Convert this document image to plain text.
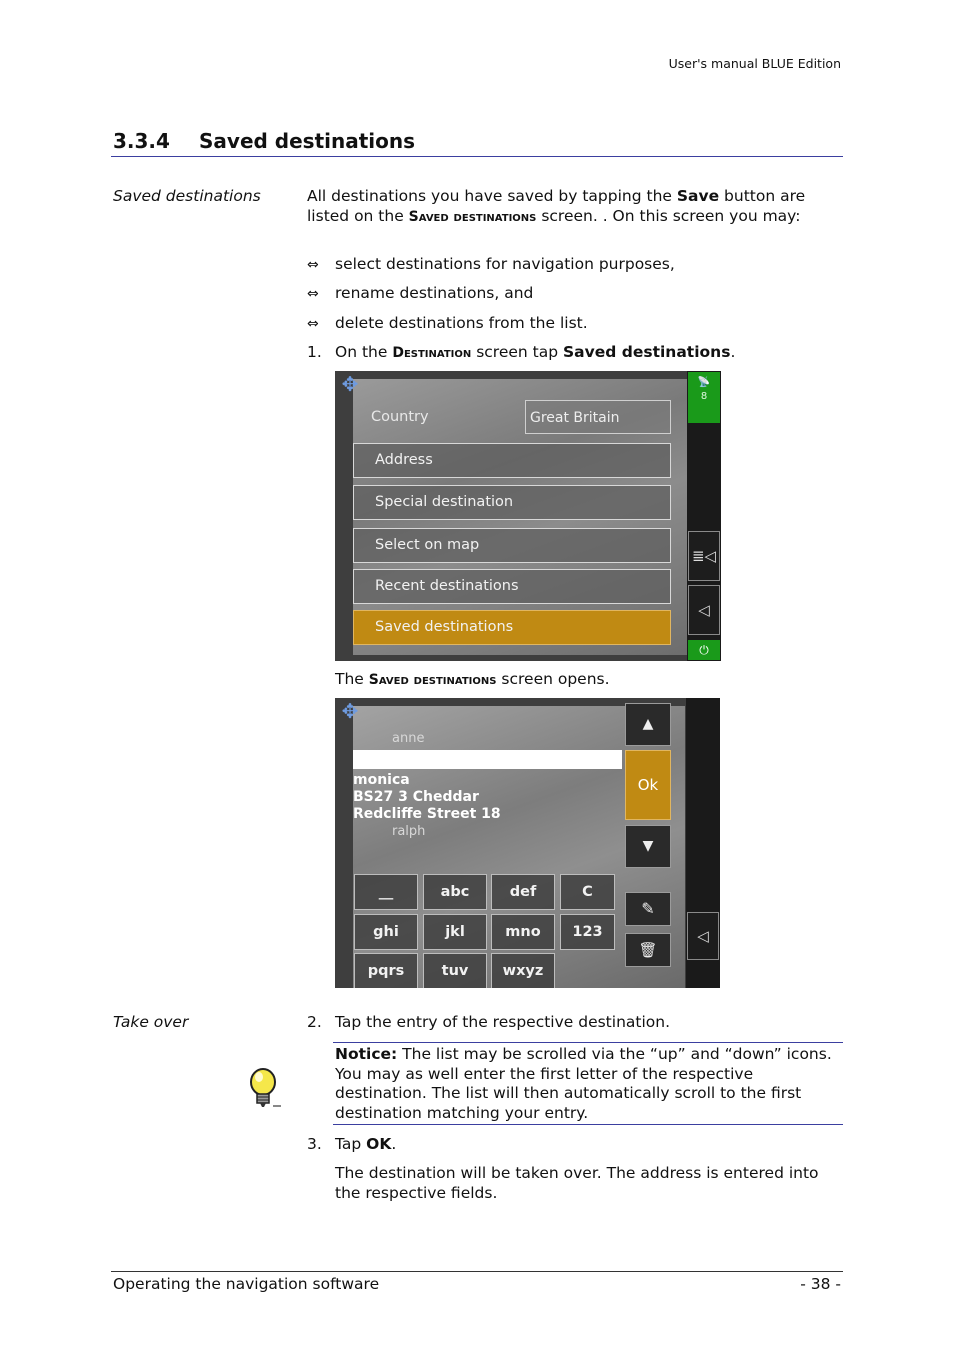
User's manual BLUE Edition
3.3.4 Saved destinations
Saved destinations	All destinations you have saved by tapping the Save button are listed on the Saved destinations screen. . On this screen you may:
⇔ select destinations for navigation purposes,
⇔ rename destinations, and
⇔ delete destinations from the list.
1. On the Destination screen tap Saved destinations.
✥	📡
8
Country	Great Britain
Address
Special destination
Select on map
Recent destinations
Saved destinations
≣◁
◁
⏻
The Saved destinations screen opens.
✥
anne
monica
BS27 3 Cheddar
Redcliffe Street 18
ralph
▲
Ok
▼
✎
🗑
◁
__	abc	def	C
ghi	jkl	mno	123
pqrs	tuv	wxyz
Take over	2. Tap the entry of the respective destination.
Notice: The list may be scrolled via the “up” and “down” icons. You may as well enter the first letter of the respective destination. The list will then automatically scroll to the first destination matching your entry.
3. Tap OK.
The destination will be taken over. The address is entered into the respective fields.
Operating the navigation software	- 38 -
